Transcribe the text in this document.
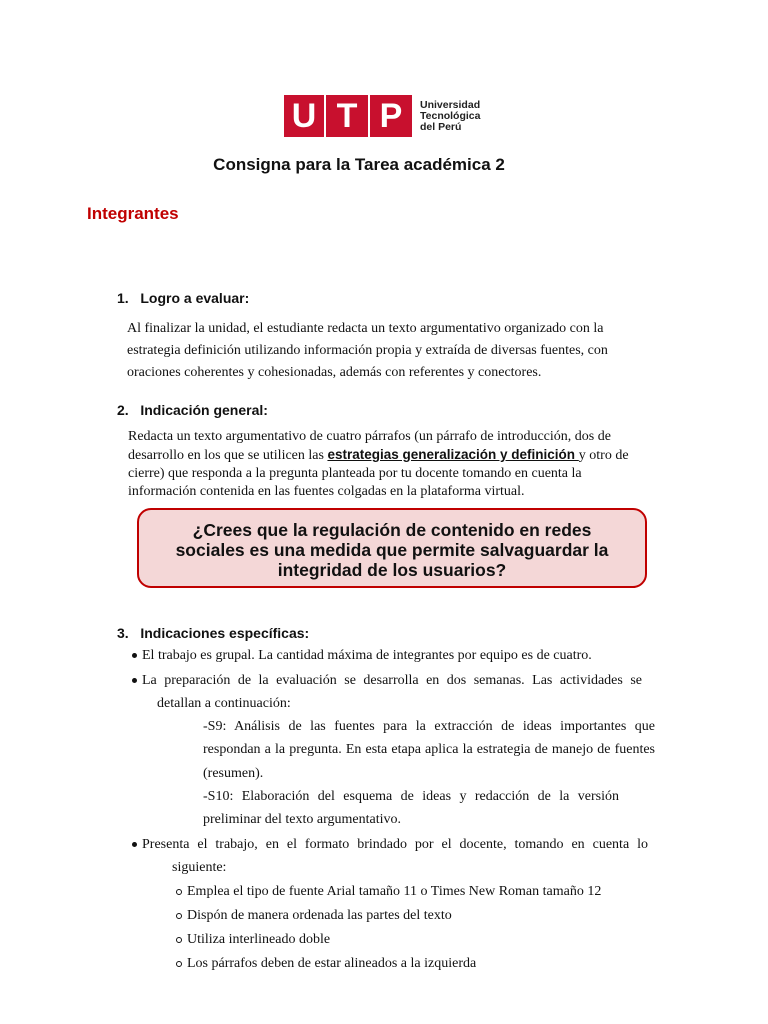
U T P	Universidad
Tecnológica
del Perú
Consigna para la Tarea académica 2
Integrantes
1.   Logro a evaluar:
Al finalizar la unidad, el estudiante redacta un texto argumentativo organizado con la
estrategia definición utilizando información propia y extraída de diversas fuentes, con
oraciones coherentes y cohesionadas, además con referentes y conectores.
2.   Indicación general:
Redacta un texto argumentativo de cuatro párrafos (un párrafo de introducción, dos de
desarrollo en los que se utilicen las estrategias generalización y definición y otro de
cierre) que responda a la pregunta planteada por tu docente tomando en cuenta la
información contenida en las fuentes colgadas en la plataforma virtual.
¿Crees que la regulación de contenido en redes
sociales es una medida que permite salvaguardar la
integridad de los usuarios?
3.   Indicaciones específicas:
El trabajo es grupal. La cantidad máxima de integrantes por equipo es de cuatro.
La preparación de la evaluación se desarrolla en dos semanas. Las actividades se
detallan a continuación:
-S9: Análisis de las fuentes para la extracción de ideas importantes que
respondan a la pregunta. En esta etapa aplica la estrategia de manejo de fuentes
(resumen).
-S10: Elaboración del esquema de ideas y redacción de la versión
preliminar del texto argumentativo.
Presenta el trabajo, en el formato brindado por el docente, tomando en cuenta lo
siguiente:
Emplea el tipo de fuente Arial tamaño 11 o Times New Roman tamaño 12
Dispón de manera ordenada las partes del texto
Utiliza interlineado doble
Los párrafos deben de estar alineados a la izquierda
